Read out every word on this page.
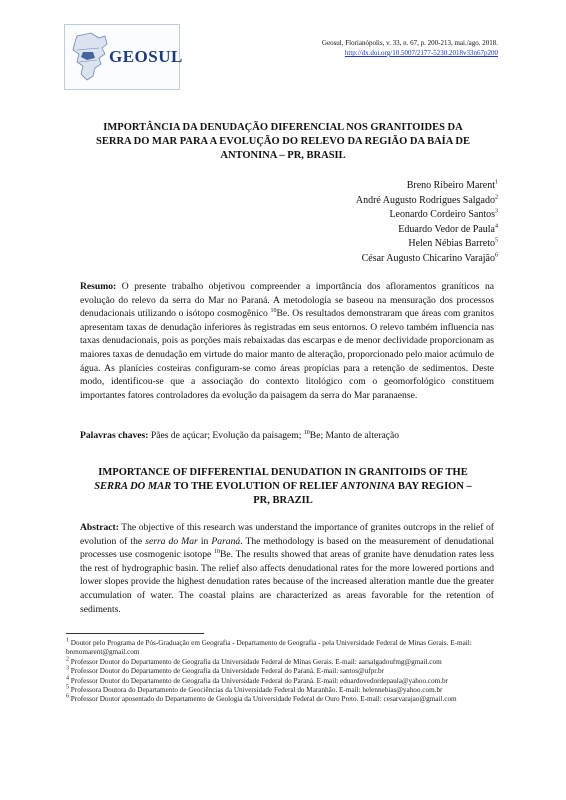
GEOSUL
Geosul, Florianópolis, v. 33, n. 67, p. 200-213, mai./ago. 2018.
http://dx.doi.org/10.5007/2177-5230.2018v33n67p200
IMPORTÂNCIA DA DENUDAÇÃO DIFERENCIAL NOS GRANITOIDES DA
SERRA DO MAR PARA A EVOLUÇÃO DO RELEVO DA REGIÃO DA BAÍA DE
ANTONINA – PR, BRASIL
Breno Ribeiro Marent$^1$
André Augusto Rodrigues Salgado$^2$
Leonardo Cordeiro Santos$^3$
Eduardo Vedor de Paula$^4$
Helen Nébias Barreto$^5$
César Augusto Chicarino Varajão$^6$
Resumo: O presente trabalho objetivou compreender a importância dos afloramentos graníticos na evolução do relevo da serra do Mar no Paraná. A metodologia se baseou na mensuração dos processos denudacionais utilizando o isótopo cosmogênico $^{10}$Be. Os resultados demonstraram que áreas com granitos apresentam taxas de denudação inferiores às registradas em seus entornos. O relevo também influencia nas taxas denudacionais, pois as porções mais rebaixadas das escarpas e de menor declividade proporcionam as maiores taxas de denudação em virtude do maior manto de alteração, proporcionado pelo maior acúmulo de água. As planícies costeiras configuram-se como áreas propícias para a retenção de sedimentos. Deste modo, identificou-se que a associação do contexto litológico com o geomorfológico constituem importantes fatores controladores da evolução da paisagem da serra do Mar paranaense.
Palavras chaves: Pães de açúcar; Evolução da paisagem; $^{10}$Be; Manto de alteração
IMPORTANCE OF DIFFERENTIAL DENUDATION IN GRANITOIDS OF THE
SERRA DO MAR TO THE EVOLUTION OF RELIEF ANTONINA BAY REGION –
PR, BRAZIL
Abstract: The objective of this research was understand the importance of granites outcrops in the relief of evolution of the serra do Mar in Paraná. The methodology is based on the measurement of denudational processes use cosmogenic isotope $^{10}$Be. The results showed that areas of granite have denudation rates less the rest of hydrographic basin. The relief also affects denudational rates for the more lowered portions and lower slopes provide the highest denudation rates because of the increased alteration mantle due the greater accumulation of water. The coastal plains are characterized as areas favorable for the retention of sediments.
$^1$ Doutor pelo Programa de Pós-Graduação em Geografia - Departamento de Geografia - pela Universidade Federal de Minas Gerais. E-mail: brenomarent@gmail.com
$^2$ Professor Doutor do Departamento de Geografia da Universidade Federal de Minas Gerais. E-mail: aarsalgadoufmg@gmail.com
$^3$ Professor Doutor do Departamento de Geografia da Universidade Federal do Paraná. E-mail: santos@ufpr.br
$^4$ Professor Doutor do Departamento de Geografia da Universidade Federal do Paraná. E-mail: eduardovedordepaula@yahoo.com.br
$^5$ Professora Doutora do Departamento de Geociências da Universidade Federal do Maranhão. E-mail: helennebias@yahoo.com.br
$^6$ Professor Doutor aposentado do Departamento de Geologia da Universidade Federal de Ouro Preto. E-mail: cesarvarajao@gmail.com
